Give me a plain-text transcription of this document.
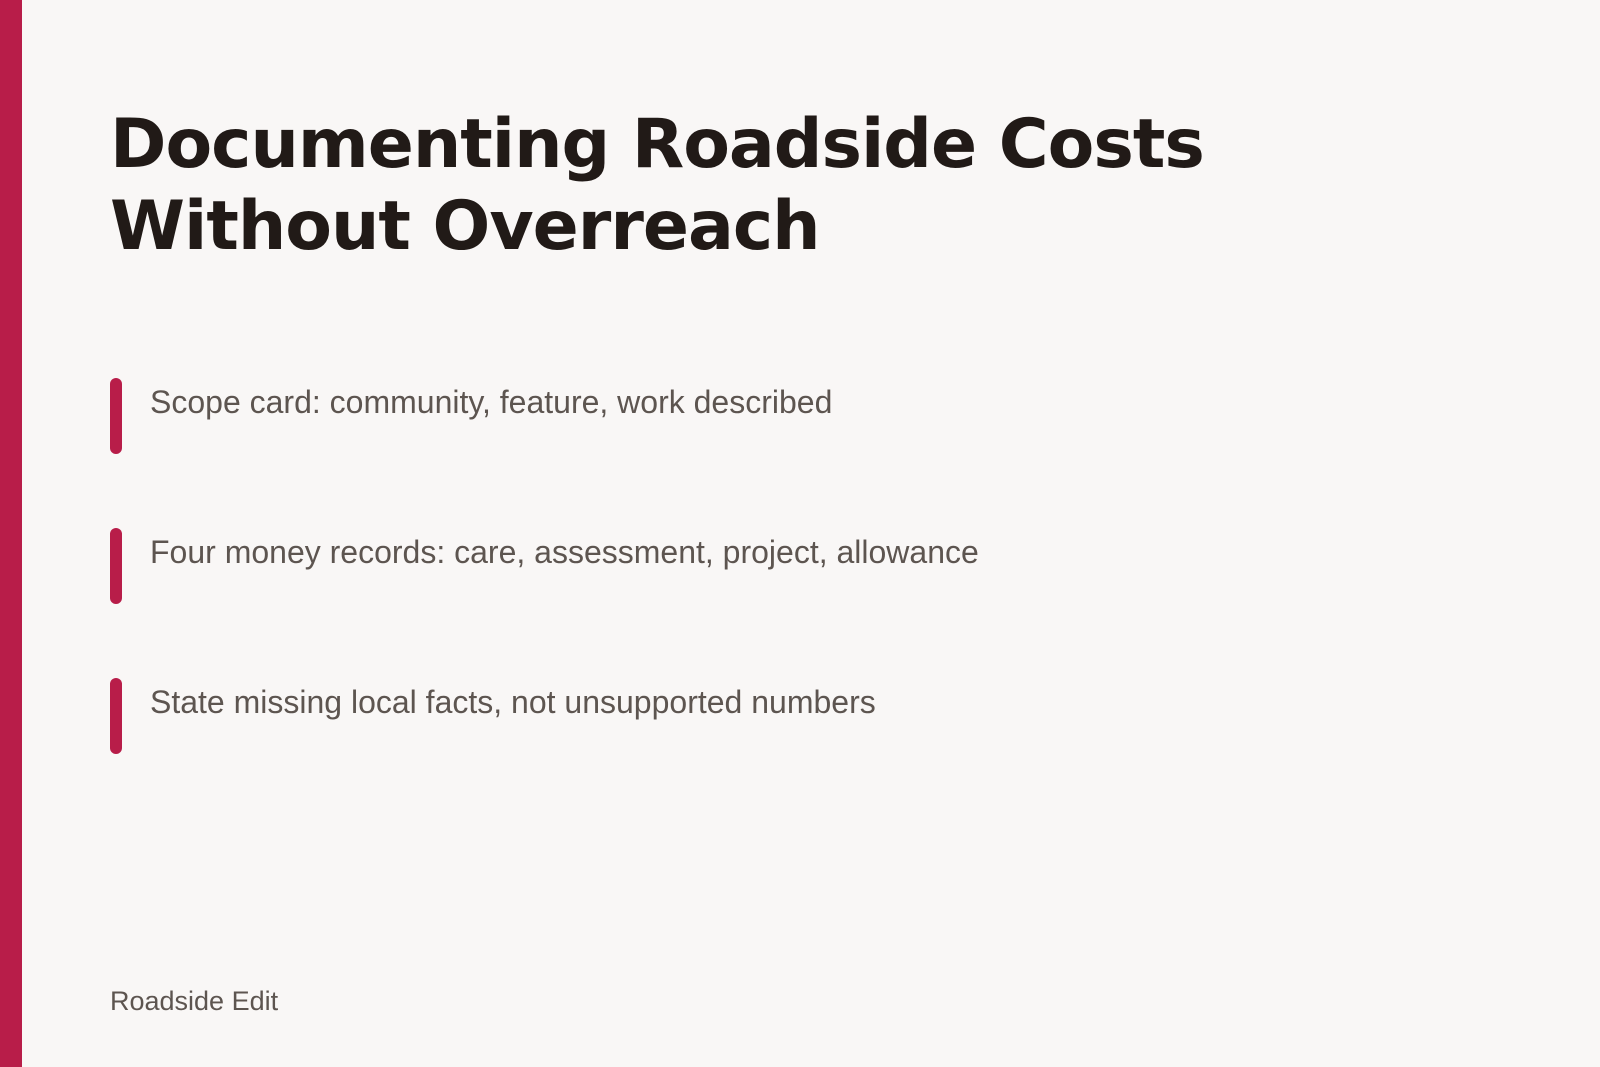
Documenting Roadside Costs
Without Overreach
Scope card: community, feature, work described
Four money records: care, assessment, project, allowance
State missing local facts, not unsupported numbers
Roadside Edit
